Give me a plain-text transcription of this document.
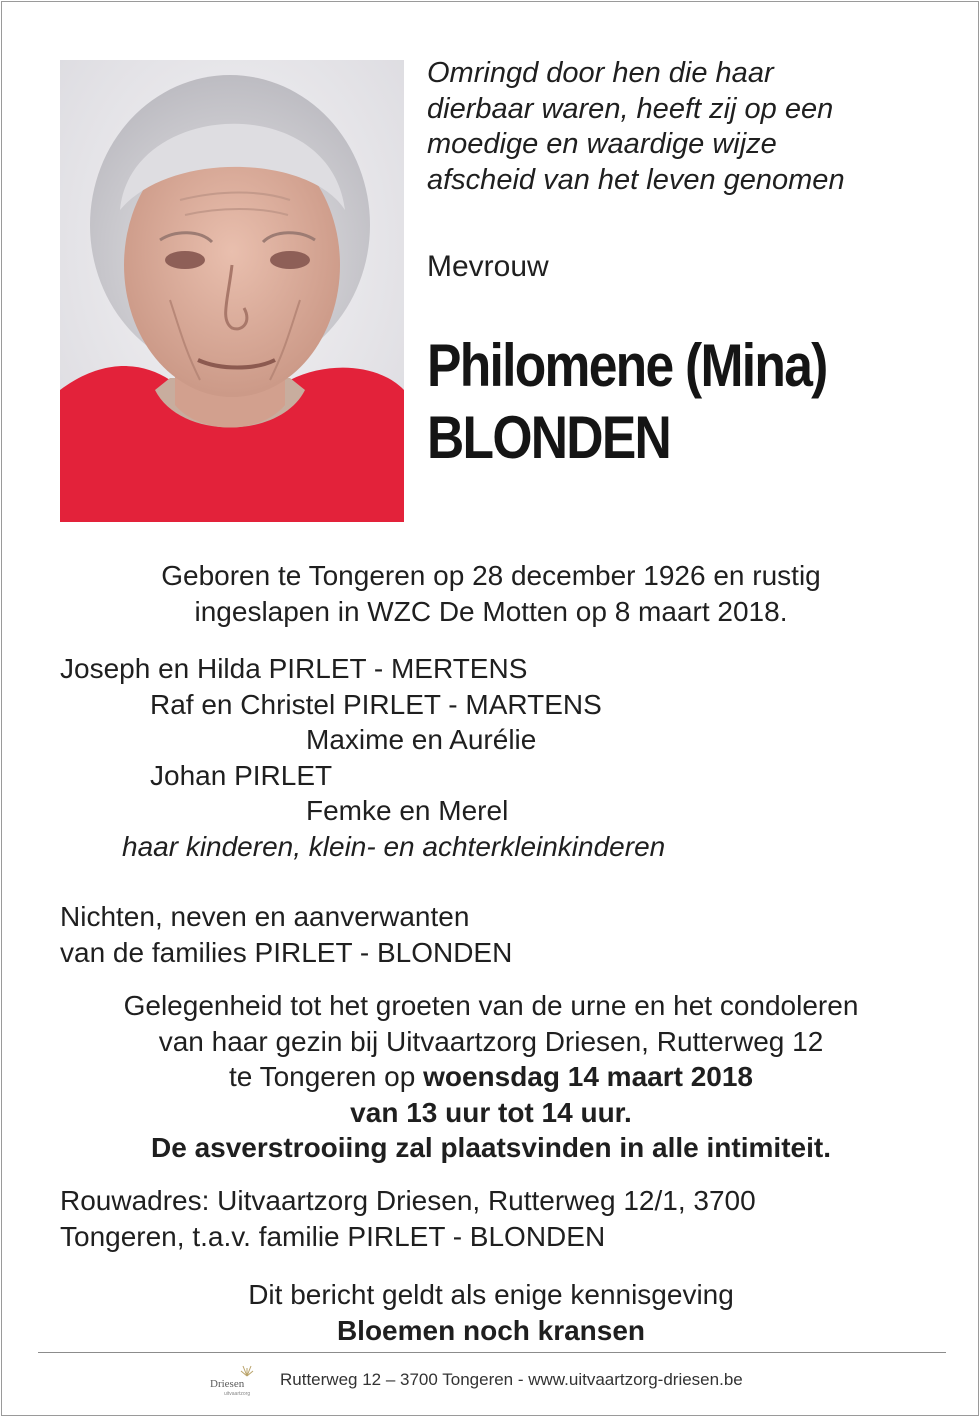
Omringd door hen die haar
dierbaar waren, heeft zij op een
moedige en waardige wijze
afscheid van het leven genomen
Mevrouw
Philomene (Mina)
BLONDEN
Geboren te Tongeren op 28 december 1926 en rustig
ingeslapen in WZC De Motten op 8 maart 2018.
Joseph en Hilda PIRLET - MERTENS
Raf en Christel PIRLET - MARTENS
Maxime en Aurélie
Johan PIRLET
Femke en Merel
haar kinderen, klein- en achterkleinkinderen
Nichten, neven en aanverwanten
van de families PIRLET - BLONDEN
Gelegenheid tot het groeten van de urne en het condoleren
van haar gezin bij Uitvaartzorg Driesen, Rutterweg 12
te Tongeren op woensdag 14 maart 2018
van 13 uur tot 14 uur.
De asverstrooiing zal plaatsvinden in alle intimiteit.
Rouwadres: Uitvaartzorg Driesen, Rutterweg 12/1, 3700
Tongeren, t.a.v. familie PIRLET - BLONDEN
Dit bericht geldt als enige kennisgeving
Bloemen noch kransen
Driesen
uitvaartzorg
Rutterweg 12 – 3700 Tongeren - www.uitvaartzorg-driesen.be
